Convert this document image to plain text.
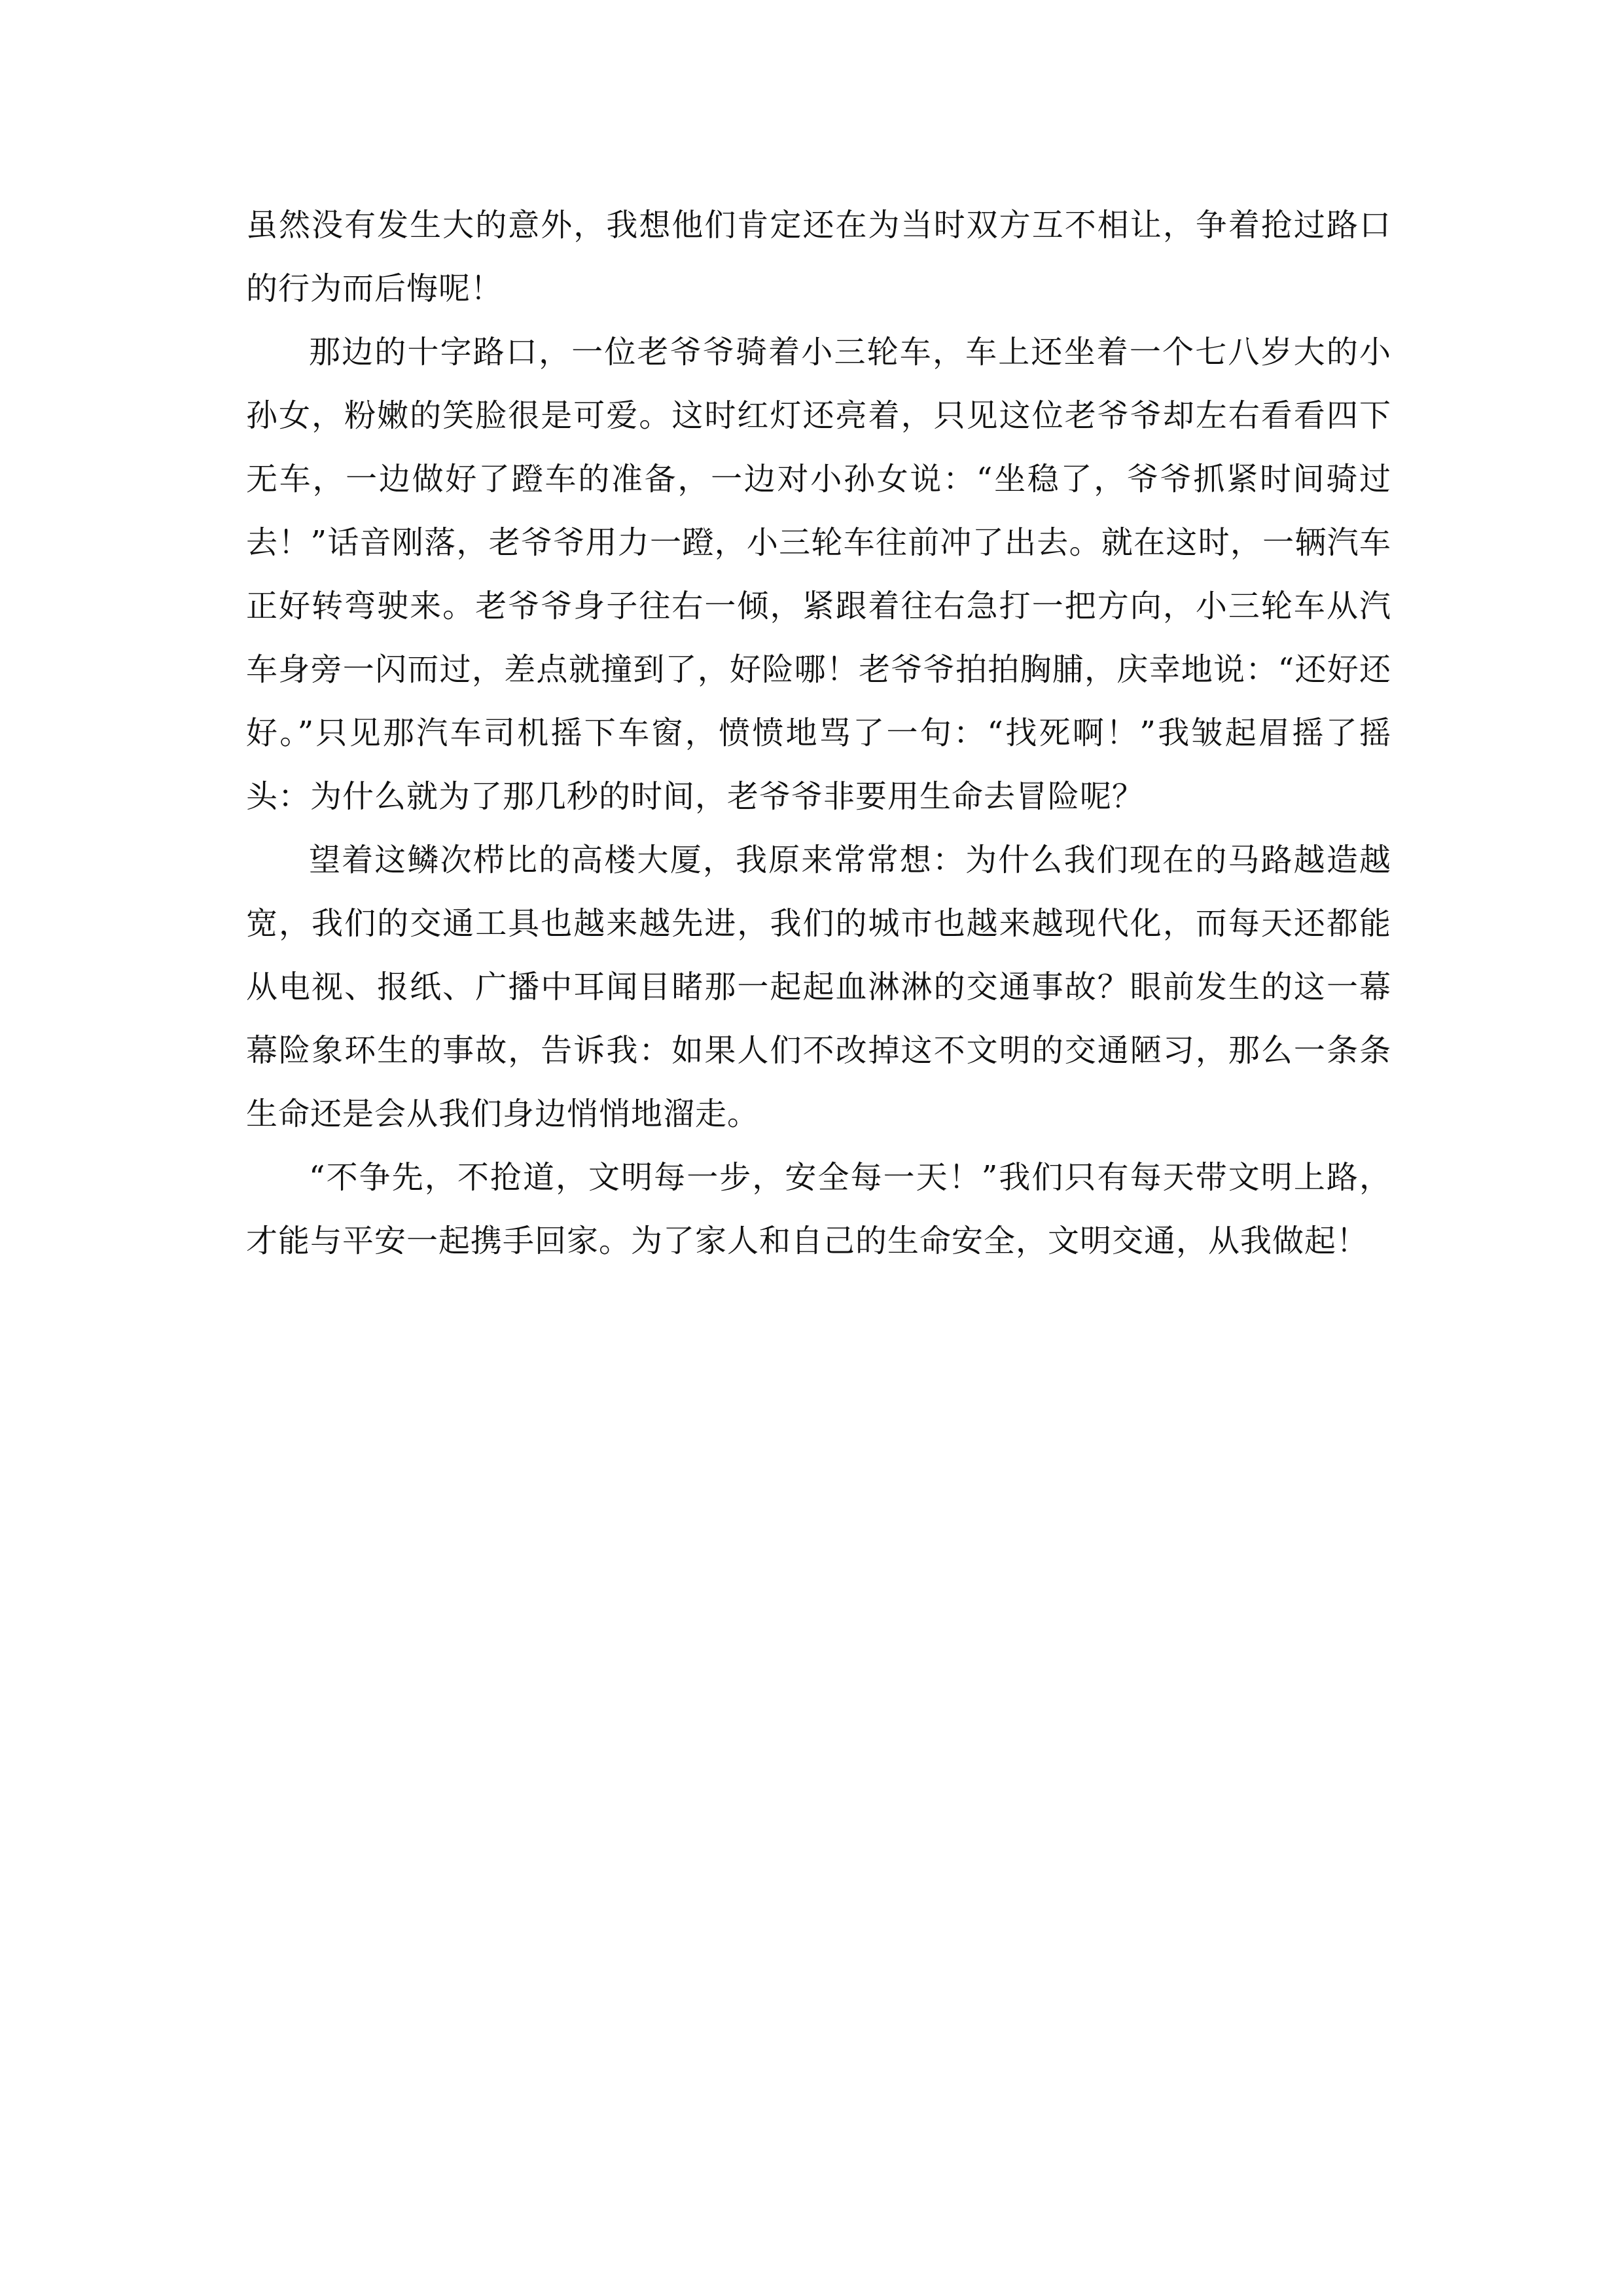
虽然没有发生大的意外，我想他们肯定还在为当时双方互不相让，争着抢过路口的行为而后悔呢！

那边的十字路口，一位老爷爷骑着小三轮车，车上还坐着一个七八岁大的小孙女，粉嫩的笑脸很是可爱。这时红灯还亮着，只见这位老爷爷却左右看看四下无车，一边做好了蹬车的准备，一边对小孙女说：“坐稳了，爷爷抓紧时间骑过去！”话音刚落，老爷爷用力一蹬，小三轮车往前冲了出去。就在这时，一辆汽车正好转弯驶来。老爷爷身子往右一倾，紧跟着往右急打一把方向，小三轮车从汽车身旁一闪而过，差点就撞到了，好险哪！老爷爷拍拍胸脯，庆幸地说：“还好还好。”只见那汽车司机摇下车窗，愤愤地骂了一句：“找死啊！”我皱起眉摇了摇头：为什么就为了那几秒的时间，老爷爷非要用生命去冒险呢？

望着这鳞次栉比的高楼大厦，我原来常常想：为什么我们现在的马路越造越宽，我们的交通工具也越来越先进，我们的城市也越来越现代化，而每天还都能从电视、报纸、广播中耳闻目睹那一起起血淋淋的交通事故？眼前发生的这一幕幕险象环生的事故，告诉我：如果人们不改掉这不文明的交通陋习，那么一条条生命还是会从我们身边悄悄地溜走。

“不争先，不抢道，文明每一步，安全每一天！”我们只有每天带文明上路，才能与平安一起携手回家。为了家人和自己的生命安全，文明交通，从我做起！
